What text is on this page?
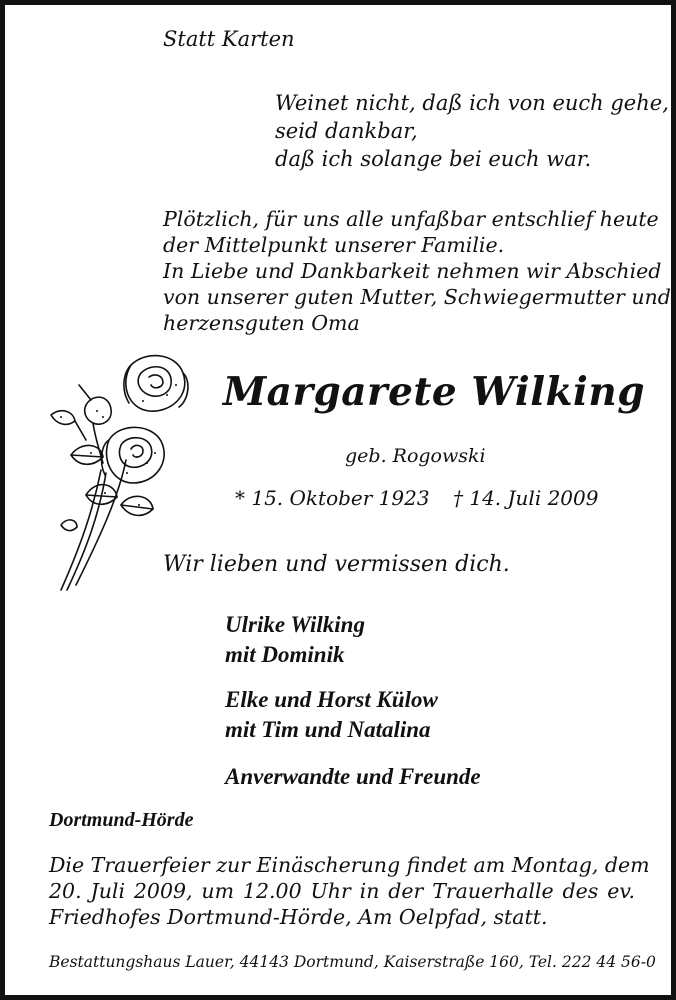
Statt Karten
Weinet nicht, daß ich von euch gehe,
seid dankbar,
daß ich solange bei euch war.
Plötzlich, für uns alle unfaßbar entschlief heute
der Mittelpunkt unserer Familie.
In Liebe und Dankbarkeit nehmen wir Abschied
von unserer guten Mutter, Schwiegermutter und
herzensguten Oma
Margarete Wilking
geb. Rogowski
* 15. Oktober 1923 † 14. Juli 2009
Wir lieben und vermissen dich.
Ulrike Wilking
mit Dominik
Elke und Horst Külow
mit Tim und Natalina
Anverwandte und Freunde
Dortmund-Hörde
Die Trauerfeier zur Einäscherung findet am Montag, dem
20. Juli 2009, um 12.00 Uhr in der Trauerhalle des ev.
Friedhofes Dortmund-Hörde, Am Oelpfad, statt.
Bestattungshaus Lauer, 44143 Dortmund, Kaiserstraße 160, Tel. 222 44 56-0
